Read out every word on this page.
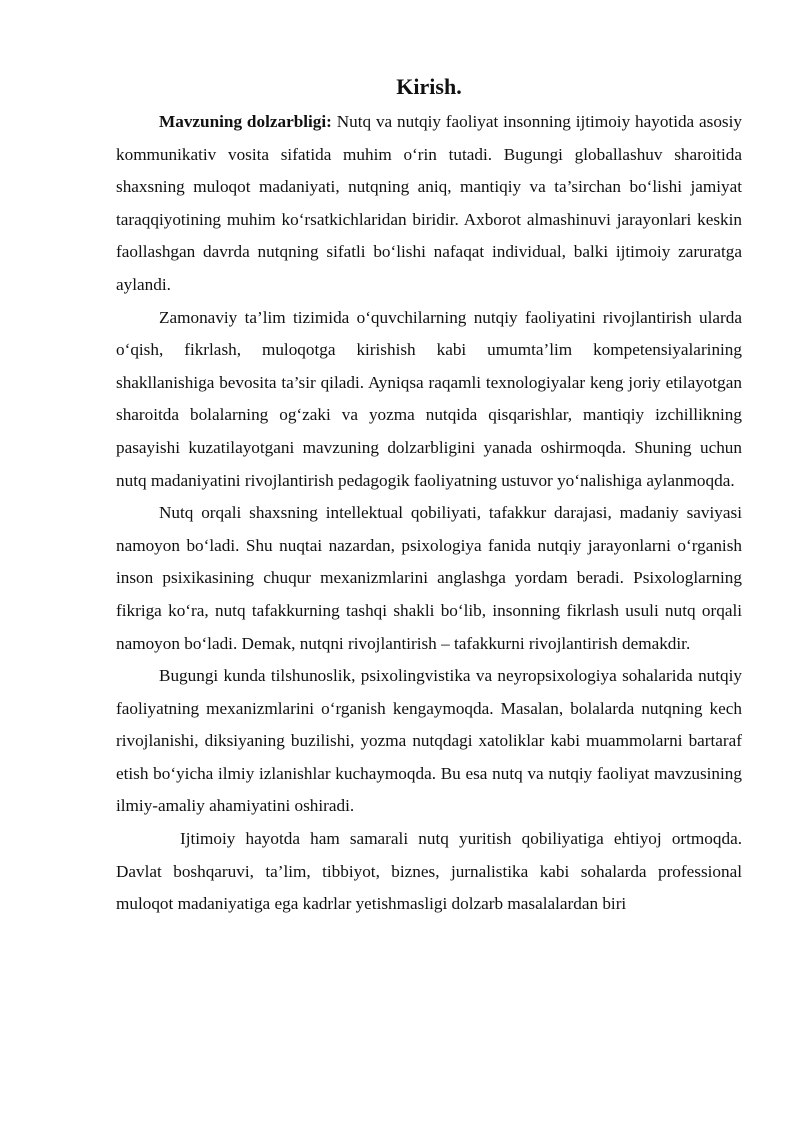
Kirish.

Mavzuning dolzarbligi: Nutq va nutqiy faoliyat insonning ijtimoiy hayotida asosiy kommunikativ vosita sifatida muhim o‘rin tutadi. Bugungi globallashuv sharoitida shaxsning muloqot madaniyati, nutqning aniq, mantiqiy va ta’sirchan bo‘lishi jamiyat taraqqiyotining muhim ko‘rsatkichlaridan biridir. Axborot almashinuvi jarayonlari keskin faollashgan davrda nutqning sifatli bo‘lishi nafaqat individual, balki ijtimoiy zaruratga aylandi.

Zamonaviy ta’lim tizimida o‘quvchilarning nutqiy faoliyatini rivojlantirish ularda o‘qish, fikrlash, muloqotga kirishish kabi umumta’lim kompetensiyalarining shakllanishiga bevosita ta’sir qiladi. Ayniqsa raqamli texnologiyalar keng joriy etilayotgan sharoitda bolalarning og‘zaki va yozma nutqida qisqarishlar, mantiqiy izchillikning pasayishi kuzatilayotgani mavzuning dolzarbligini yanada oshirmoqda. Shuning uchun nutq madaniyatini rivojlantirish pedagogik faoliyatning ustuvor yo‘nalishiga aylanmoqda.

Nutq orqali shaxsning intellektual qobiliyati, tafakkur darajasi, madaniy saviyasi namoyon bo‘ladi. Shu nuqtai nazardan, psixologiya fanida nutqiy jarayonlarni o‘rganish inson psixikasining chuqur mexanizmlarini anglashga yordam beradi. Psixologlarning fikriga ko‘ra, nutq tafakkurning tashqi shakli bo‘lib, insonning fikrlash usuli nutq orqali namoyon bo‘ladi. Demak, nutqni rivojlantirish – tafakkurni rivojlantirish demakdir.

Bugungi kunda tilshunoslik, psixolingvistika va neyropsixologiya sohalarida nutqiy faoliyatning mexanizmlarini o‘rganish kengaymoqda. Masalan, bolalarda nutqning kech rivojlanishi, diksiyaning buzilishi, yozma nutqdagi xatoliklar kabi muammolarni bartaraf etish bo‘yicha ilmiy izlanishlar kuchaymoqda. Bu esa nutq va nutqiy faoliyat mavzusining ilmiy-amaliy ahamiyatini oshiradi.

Ijtimoiy hayotda ham samarali nutq yuritish qobiliyatiga ehtiyoj ortmoqda. Davlat boshqaruvi, ta’lim, tibbiyot, biznes, jurnalistika kabi sohalarda professional muloqot madaniyatiga ega kadrlar yetishmasligi dolzarb masalalardan biri
